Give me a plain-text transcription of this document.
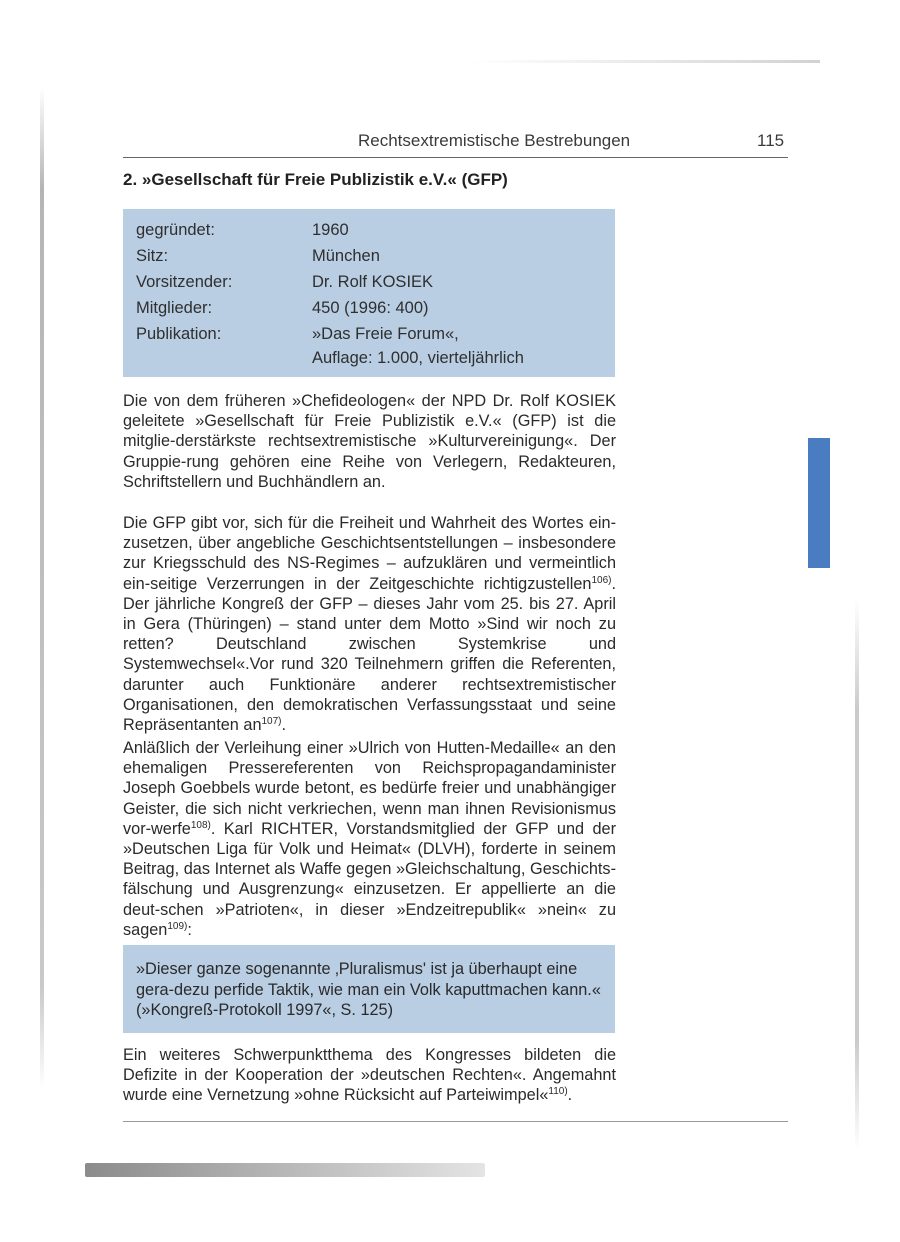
Rechtsextremistische Bestrebungen	115
2. »Gesellschaft für Freie Publizistik e.V.« (GFP)
gegründet:	1960
Sitz:	München
Vorsitzender:	Dr. Rolf KOSIEK
Mitglieder:	450 (1996: 400)
Publikation:	»Das Freie Forum«,
Auflage: 1.000, vierteljährlich
Die von dem früheren »Chefideologen« der NPD Dr. Rolf KOSIEK geleitete »Gesellschaft für Freie Publizistik e.V.« (GFP) ist die mitglie-derstärkste rechtsextremistische »Kulturvereinigung«. Der Gruppie-rung gehören eine Reihe von Verlegern, Redakteuren, Schriftstellern und Buchhändlern an.
Die GFP gibt vor, sich für die Freiheit und Wahrheit des Wortes ein-zusetzen, über angebliche Geschichtsentstellungen – insbesondere zur Kriegsschuld des NS-Regimes – aufzuklären und vermeintlich ein-seitige Verzerrungen in der Zeitgeschichte richtigzustellen$^{106)}$. Der jährliche Kongreß der GFP – dieses Jahr vom 25. bis 27. April in Gera (Thüringen) – stand unter dem Motto »Sind wir noch zu retten? Deutschland zwischen Systemkrise und Systemwechsel«.Vor rund 320 Teilnehmern griffen die Referenten, darunter auch Funktionäre anderer rechtsextremistischer Organisationen, den demokratischen Verfassungsstaat und seine Repräsentanten $an^{107)}$.
Anläßlich der Verleihung einer »Ulrich von Hutten-Medaille« an den ehemaligen Pressereferenten von Reichspropagandaminister Joseph Goebbels wurde betont, es bedürfe freier und unabhängiger Geister, die sich nicht verkriechen, wenn man ihnen Revisionismus vor-werfe$^{108)}$. Karl RICHTER, Vorstandsmitglied der GFP und der »Deutschen Liga für Volk und Heimat« (DLVH), forderte in seinem Beitrag, das Internet als Waffe gegen »Gleichschaltung, Geschichts-fälschung und Ausgrenzung« einzusetzen. Er appellierte an die deut-schen »Patrioten«, in dieser »Endzeitrepublik« »nein« zu sagen$^{109)}$:
»Dieser ganze sogenannte ‚Pluralismus' ist ja überhaupt eine gera-dezu perfide Taktik, wie man ein Volk kaputtmachen kann.«
(»Kongreß-Protokoll 1997«, S. 125)
Ein weiteres Schwerpunktthema des Kongresses bildeten die Defizite in der Kooperation der »deutschen Rechten«. Angemahnt wurde eine Vernetzung »ohne Rücksicht auf Parteiwimpel«$^{110)}$.
